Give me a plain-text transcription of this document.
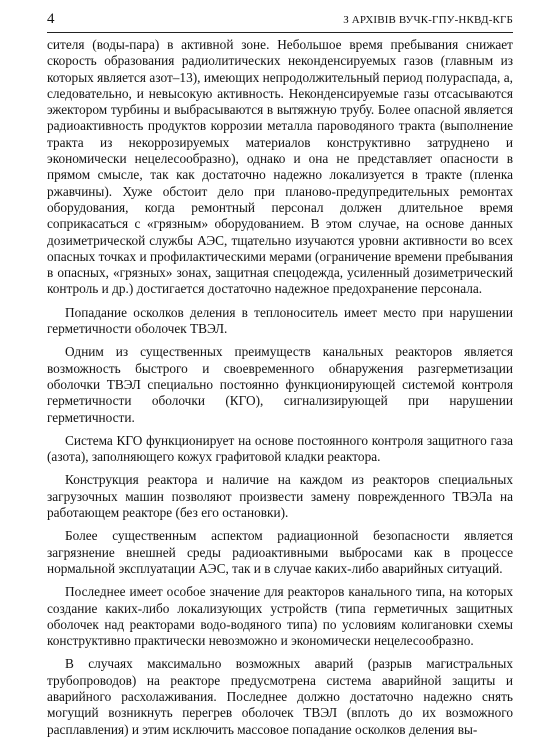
4	З АРХІВІВ ВУЧК-ГПУ-НКВД-КГБ

сителя (воды-пара) в активной зоне. Небольшое время пребывания снижает скорость образования радиолитических неконденсируемых газов (главным из которых является азот–13), имеющих непродолжительный период полураспада, а, следовательно, и невысокую активность. Неконденсируемые газы отсасываются эжектором турбины и выбрасываются в вытяжную трубу. Более опасной является радиоактивность продуктов коррозии металла пароводяного тракта (выполнение тракта из некоррозируемых материалов конструктивно затруднено и экономически нецелесообразно), однако и она не представляет опасности в прямом смысле, так как достаточно надежно локализуется в тракте (пленка ржавчины). Хуже обстоит дело при планово-предупредительных ремонтах оборудования, когда ремонтный персонал должен длительное время соприкасаться с «грязным» оборудованием. В этом случае, на основе данных дозиметрической службы АЭС, тщательно изучаются уровни активности во всех опасных точках и профилактическими мерами (ограничение времени пребывания в опасных, «грязных» зонах, защитная спецодежда, усиленный дозиметрический контроль и др.) достигается достаточно надежное предохранение персонала.

Попадание осколков деления в теплоноситель имеет место при нарушении герметичности оболочек ТВЭЛ.

Одним из существенных преимуществ канальных реакторов является возможность быстрого и своевременного обнаружения разгерметизации оболочки ТВЭЛ специально постоянно функционирующей системой контроля герметичности оболочки (КГО), сигнализирующей при нарушении герметичности.

Система КГО функционирует на основе постоянного контроля защитного газа (азота), заполняющего кожух графитовой кладки реактора.

Конструкция реактора и наличие на каждом из реакторов специальных загрузочных машин позволяют произвести замену поврежденного ТВЭЛа на работающем реакторе (без его остановки).

Более существенным аспектом радиационной безопасности является загрязнение внешней среды радиоактивными выбросами как в процессе нормальной эксплуатации АЭС, так и в случае каких-либо аварийных ситуаций.

Последнее имеет особое значение для реакторов канального типа, на которых создание каких-либо локализующих устройств (типа герметичных защитных оболочек над реакторами водо-водяного типа) по условиям колигановки схемы конструктивно практически невозможно и экономически нецелесообразно.

В случаях максимально возможных аварий (разрыв магистральных трубопроводов) на реакторе предусмотрена система аварийной защиты и аварийного расхолаживания. Последнее должно достаточно надежно снять могущий возникнуть перегрев оболочек ТВЭЛ (вплоть до их возможного расплавления) и этим исключить массовое попадание осколков деления вы-
